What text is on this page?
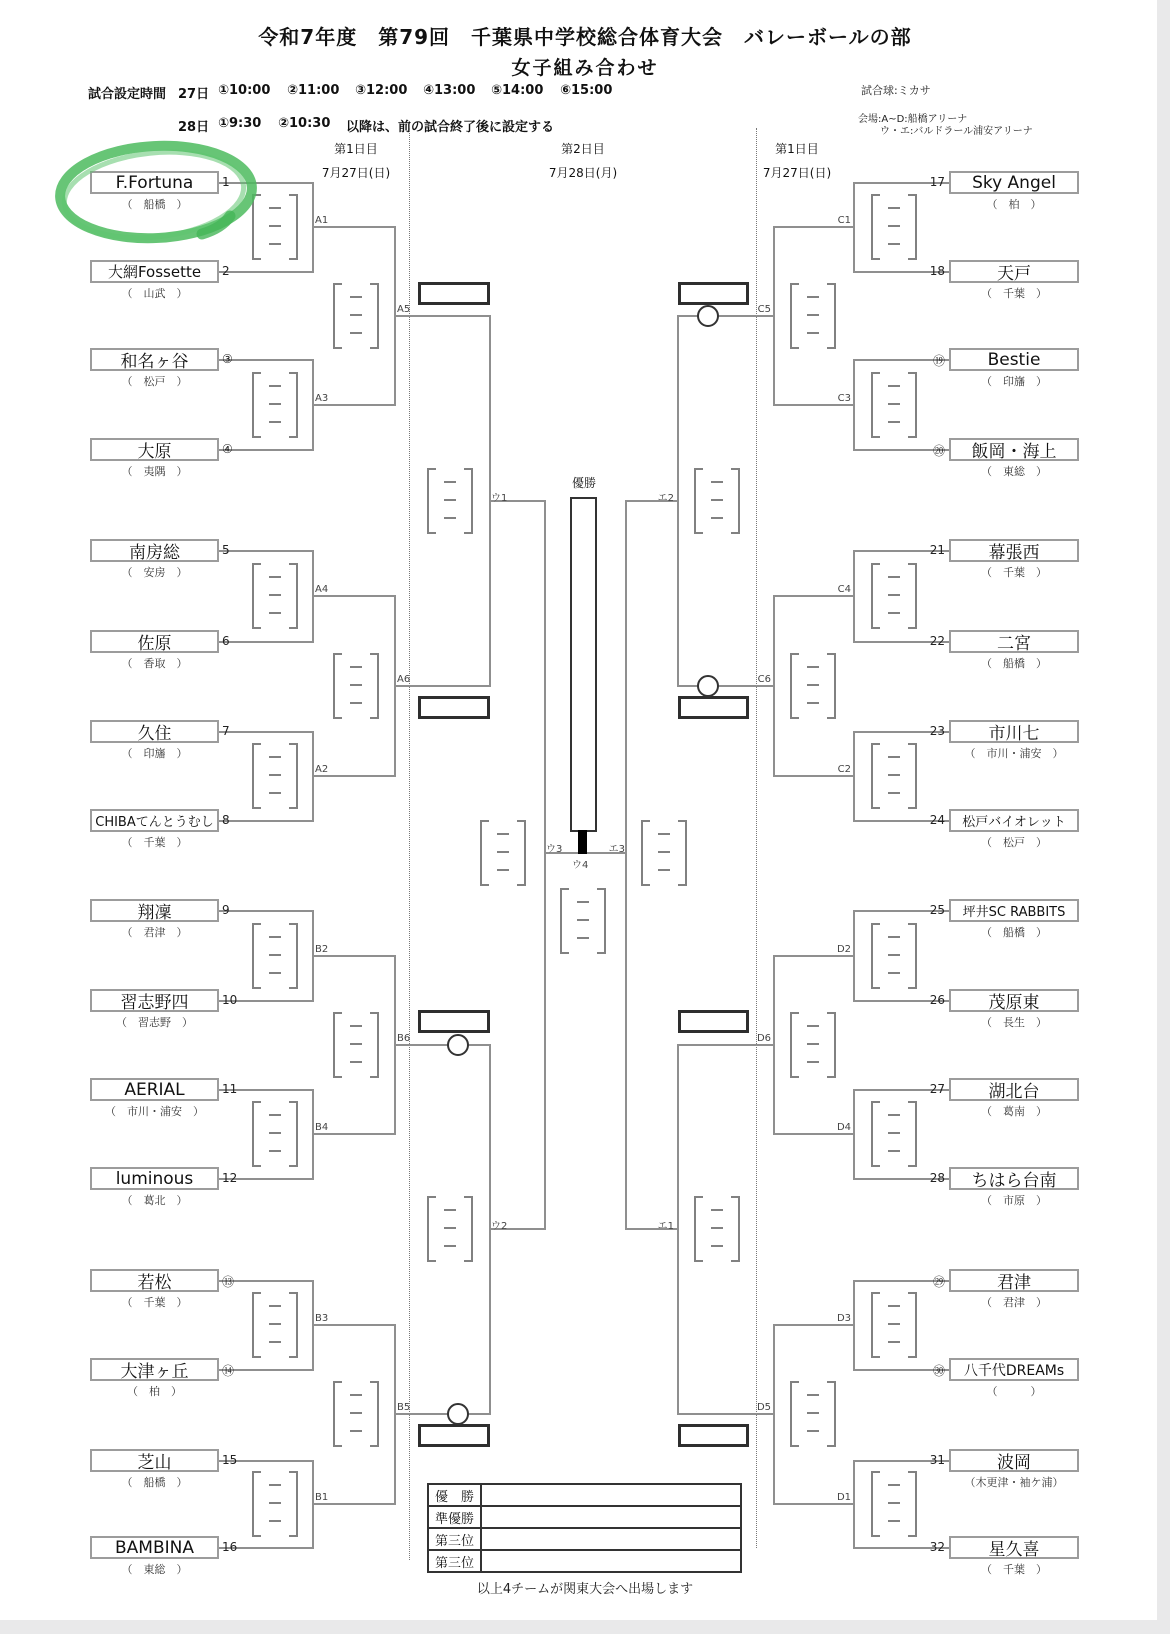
令和7年度　第79回　千葉県中学校総合体育大会　バレーボールの部
女子組み合わせ
試合設定時間 27日 ①10:00 ②11:00 ③12:00 ④13:00 ⑤14:00 ⑥15:00
28日 ①9:30 ②10:30 以降は、前の試合終了後に設定する
試合球:ミカサ
会場:A~D:船橋アリーナ
ウ・エ:バルドラール浦安アリーナ
第1日目
7月27日(日)
第2日目
7月28日(月)
第1日目
7月27日(日)
優勝
A1
A3
A4
A2
B2
B4
B3
B1
A5
A6
B6
B5
ウ1
ウ2
ウ3	エ3
ウ4
エ2
エ1
C1
C3
C4
C2
D2
D4
D3
D1
C5
C6
D6
D5
F.Fortuna
（　船橋　）
1
大網Fossette
（　山武　）
2
和名ヶ谷
（　松戸　）
③
大原
（　夷隅　）
④
南房総
（　安房　）
5
佐原
（　香取　）
6
久住
（　印旛　）
7
CHIBAてんとうむし
（　千葉　）
8
翔凜
（　君津　）
9
習志野四
（　習志野　）
10
AERIAL
（　市川・浦安　）
11
luminous
（　葛北　）
12
若松
（　千葉　）
⑬
大津ヶ丘
（　柏　）
⑭
芝山
（　船橋　）
15
BAMBINA
（　東総　）
16
Sky Angel
（　柏　）
17
天戸
（　千葉　）
18
Bestie
（　印旛　）
⑲
飯岡・海上
（　東総　）
⑳
幕張西
（　千葉　）
21
二宮
（　船橋　）
22
市川七
（　市川・浦安　）
23
松戸バイオレット
（　松戸　）
24
坪井SC RABBITS
（　船橋　）
25
茂原東
（　長生　）
26
湖北台
（　葛南　）
27
ちはら台南
（　市原　）
28
君津
（　君津　）
㉙
八千代DREAMs
（　　　）
㉚
波岡
（木更津・袖ケ浦）
31
星久喜
（　千葉　）
32
優　勝
準優勝
第三位
第三位
以上4チームが関東大会へ出場します
